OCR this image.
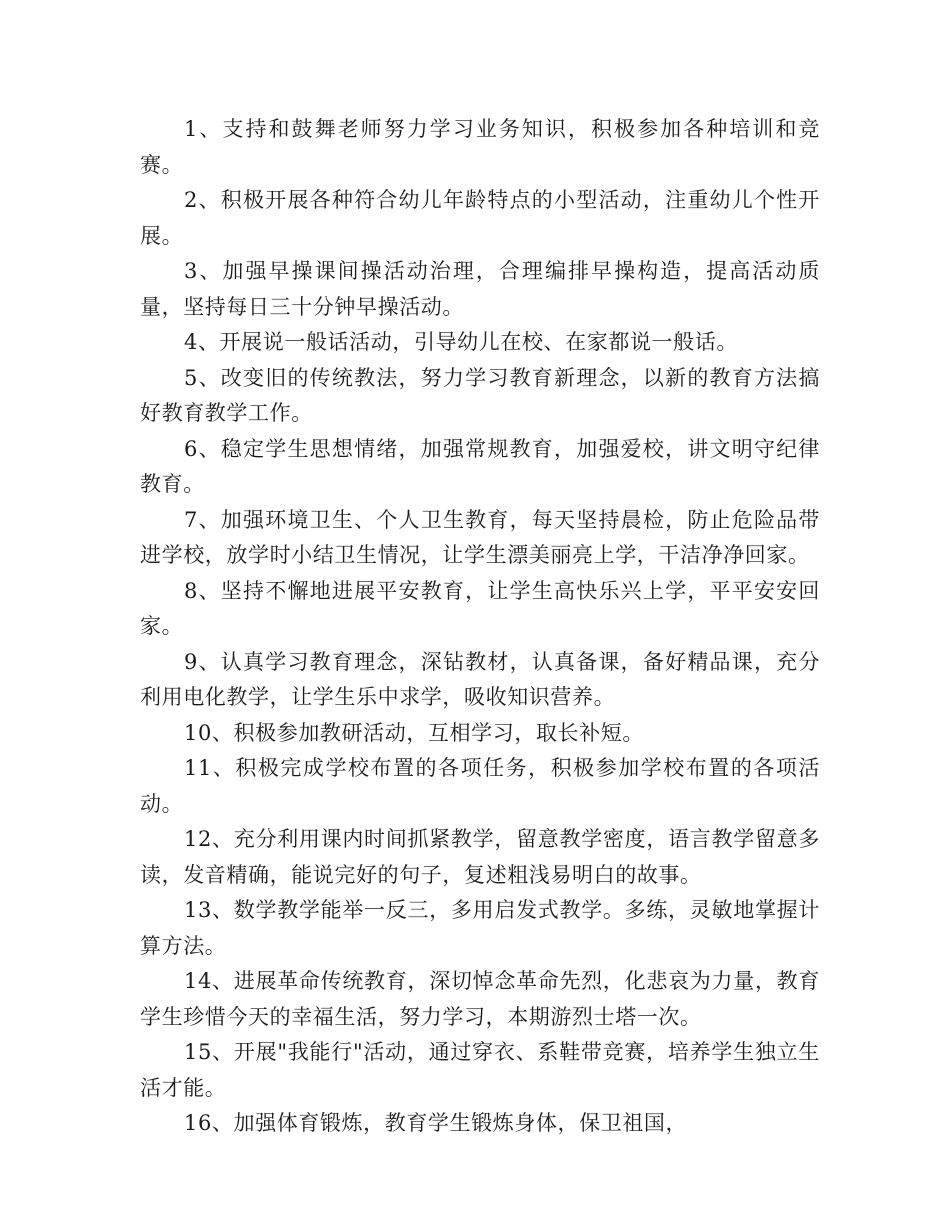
1、支持和鼓舞老师努力学习业务知识，积极参加各种培训和竞赛。

2、积极开展各种符合幼儿年龄特点的小型活动，注重幼儿个性开展。

3、加强早操课间操活动治理，合理编排早操构造，提高活动质量，坚持每日三十分钟早操活动。

4、开展说一般话活动，引导幼儿在校、在家都说一般话。

5、改变旧的传统教法，努力学习教育新理念，以新的教育方法搞好教育教学工作。

6、稳定学生思想情绪，加强常规教育，加强爱校，讲文明守纪律教育。

7、加强环境卫生、个人卫生教育，每天坚持晨检，防止危险品带进学校，放学时小结卫生情况，让学生漂美丽亮上学，干洁净净回家。

8、坚持不懈地进展平安教育，让学生高快乐兴上学，平平安安回家。

9、认真学习教育理念，深钻教材，认真备课，备好精品课，充分利用电化教学，让学生乐中求学，吸收知识营养。

10、积极参加教研活动，互相学习，取长补短。

11、积极完成学校布置的各项任务，积极参加学校布置的各项活动。

12、充分利用课内时间抓紧教学，留意教学密度，语言教学留意多读，发音精确，能说完好的句子，复述粗浅易明白的故事。

13、数学教学能举一反三，多用启发式教学。多练，灵敏地掌握计算方法。

14、进展革命传统教育，深切悼念革命先烈，化悲哀为力量，教育学生珍惜今天的幸福生活，努力学习，本期游烈士塔一次。

15、开展"我能行"活动，通过穿衣、系鞋带竞赛，培养学生独立生活才能。

16、加强体育锻炼，教育学生锻炼身体，保卫祖国，
